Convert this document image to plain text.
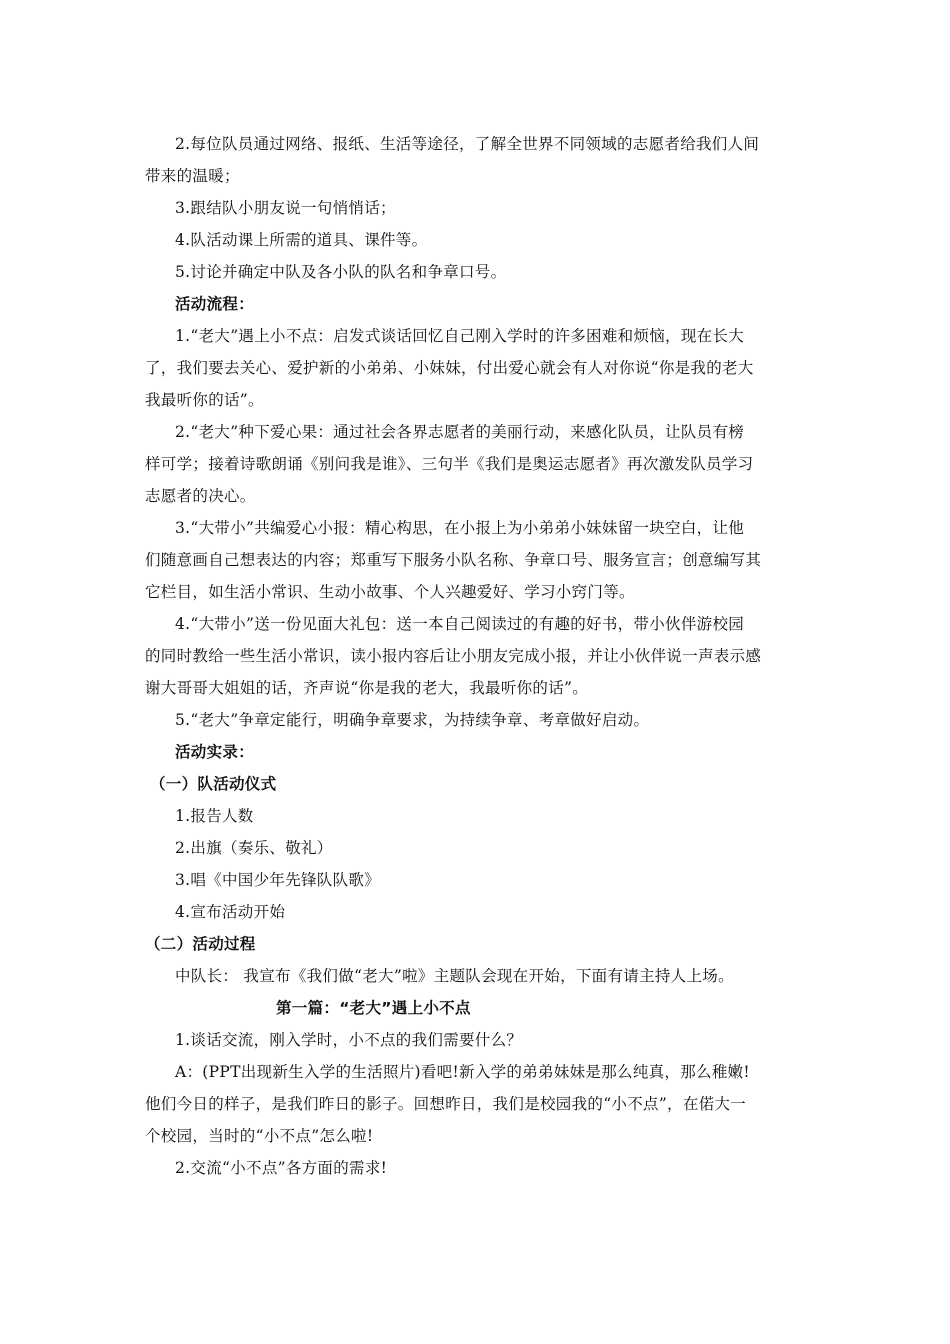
2.每位队员通过网络、报纸、生活等途径，了解全世界不同领域的志愿者给我们人间
带来的温暖；
3.跟结队小朋友说一句悄悄话；
4.队活动课上所需的道具、课件等。
5.讨论并确定中队及各小队的队名和争章口号。
活动流程：
1.“老大”遇上小不点：启发式谈话回忆自己刚入学时的许多困难和烦恼，现在长大
了，我们要去关心、爱护新的小弟弟、小妹妹，付出爱心就会有人对你说“你是我的老大
我最听你的话”。
2.“老大”种下爱心果：通过社会各界志愿者的美丽行动，来感化队员，让队员有榜
样可学；接着诗歌朗诵《别问我是谁》、三句半《我们是奥运志愿者》再次激发队员学习
志愿者的决心。
3.“大带小”共编爱心小报：精心构思，在小报上为小弟弟小妹妹留一块空白，让他
们随意画自己想表达的内容；郑重写下服务小队名称、争章口号、服务宣言；创意编写其
它栏目，如生活小常识、生动小故事、个人兴趣爱好、学习小窍门等。
4.“大带小”送一份见面大礼包：送一本自己阅读过的有趣的好书，带小伙伴游校园
的同时教给一些生活小常识，读小报内容后让小朋友完成小报，并让小伙伴说一声表示感
谢大哥哥大姐姐的话，齐声说“你是我的老大，我最听你的话”。
5.“老大”争章定能行，明确争章要求，为持续争章、考章做好启动。
活动实录：
（一）队活动仪式
1.报告人数
2.出旗（奏乐、敬礼）
3.唱《中国少年先锋队队歌》
4.宣布活动开始
（二）活动过程
中队长： 我宣布《我们做“老大”啦》主题队会现在开始，下面有请主持人上场。
第一篇：“老大”遇上小不点
1.谈话交流，刚入学时，小不点的我们需要什么？
A：(PPT出现新生入学的生活照片)看吧!新入学的弟弟妹妹是那么纯真，那么稚嫩!
他们今日的样子，是我们昨日的影子。回想昨日，我们是校园我的“小不点”，在偌大一
个校园，当时的“小不点”怎么啦!
2.交流“小不点”各方面的需求!
